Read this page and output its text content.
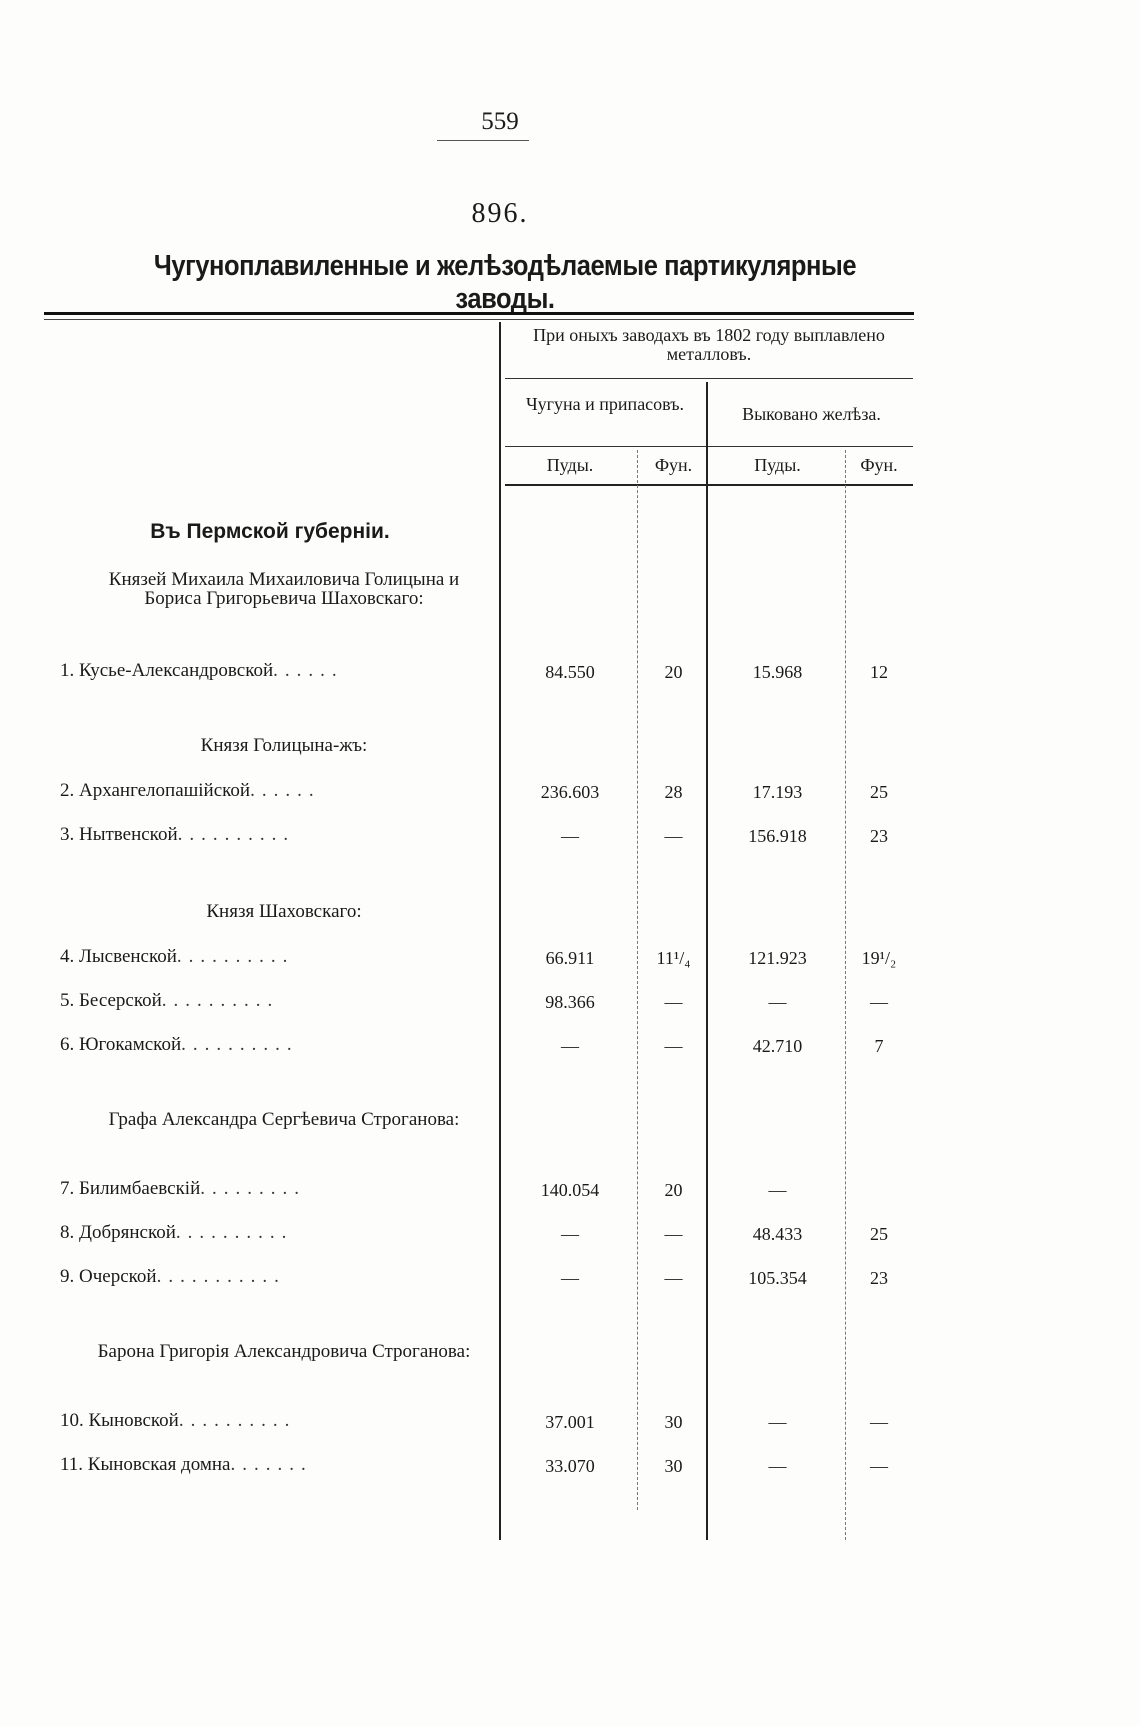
559
896.
Чугуноплавиленные и желѣзодѣлаемые партикулярные заводы.
При оныхъ заводахъ въ 1802 году выплавлено металловъ.
Чугуна и припасовъ.	Выковано желѣза.
Пуды.	Фун.	Пуды.	Фун.
Въ Пермской губерніи.
Князей Михаила Михаиловича Голицына и Бориса Григорьевича Шаховскаго:
1. Кусье-Александровской......	84.550	20	15.968	12
Князя Голицына-жъ:
2. Архангелопашійской......	236.603	28	17.193	25
3. Нытвенской..........	—	—	156.918	23
Князя Шаховскаго:
4. Лысвенской..........	66.911	11¹/₄	121.923	19¹/₂
5. Бесерской..........	98.366	—	—	—
6. Югокамской..........	—	—	42.710	7
Графа Александра Сергѣевича Строганова:
7. Билимбаевскій.........	140.054	20	—
8. Добрянской..........	—	—	48.433	25
9. Очерской...........	—	—	105.354	23
Барона Григорія Александровича Строганова:
10. Кыновской..........	37.001	30	—	—
11. Кыновская домна.......	33.070	30	—	—
